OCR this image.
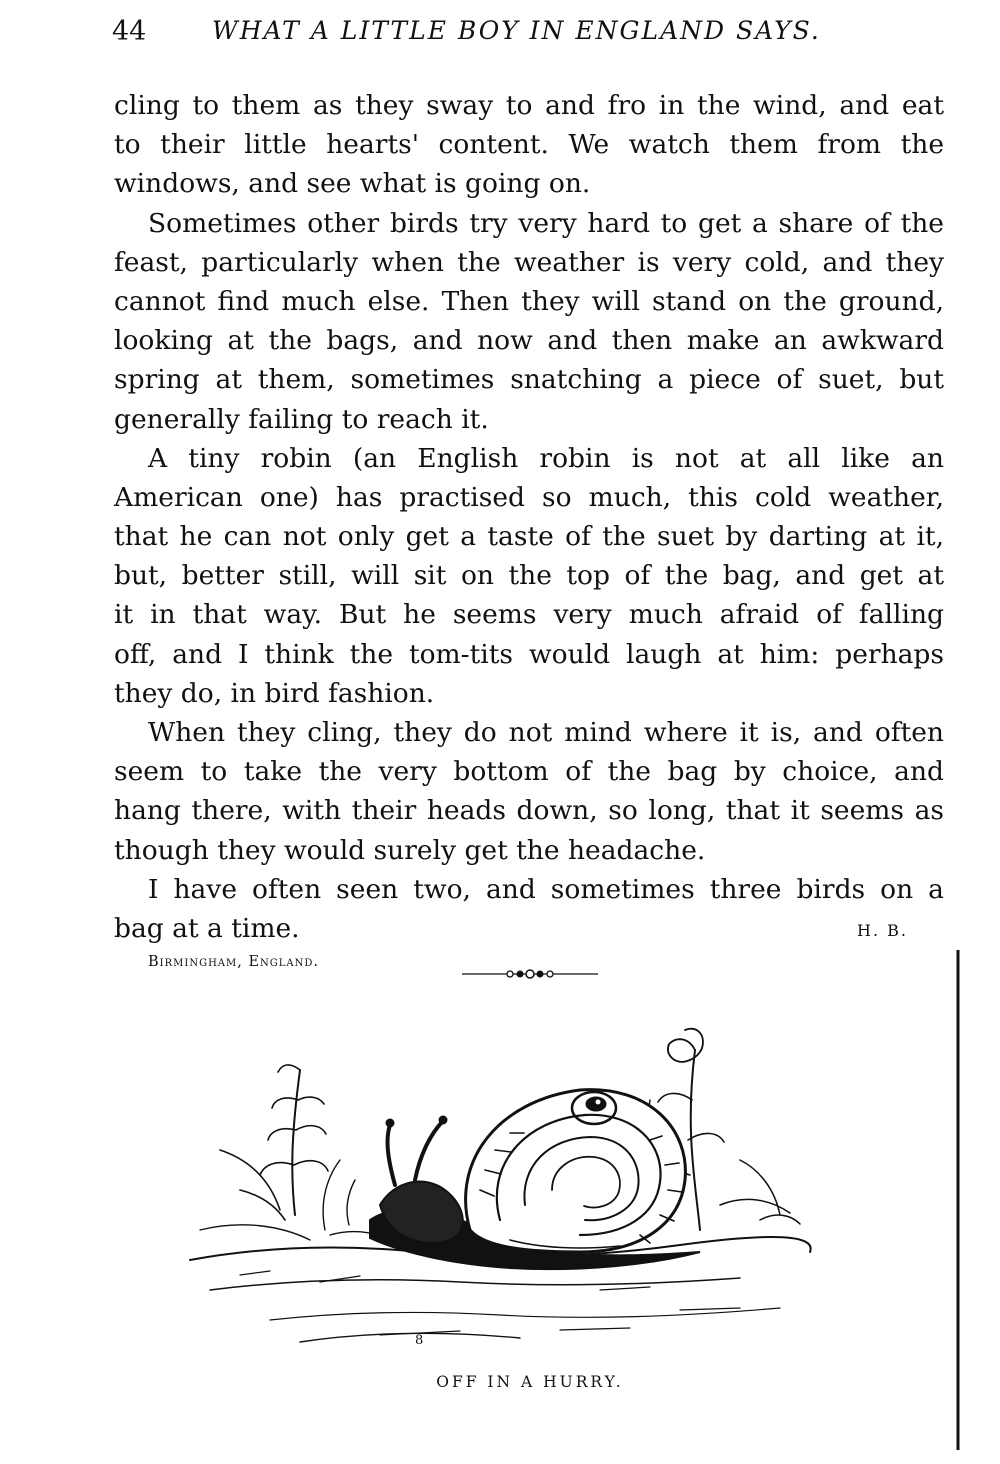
44	WHAT A LITTLE BOY IN ENGLAND SAYS.
cling to them as they sway to and fro in the wind, and eat
to their little hearts' content. We watch them from the
windows, and see what is going on.
Sometimes other birds try very hard to get a share of the
feast, particularly when the weather is very cold, and they
cannot find much else. Then they will stand on the ground,
looking at the bags, and now and then make an awkward
spring at them, sometimes snatching a piece of suet, but
generally failing to reach it.
A tiny robin (an English robin is not at all like an
American one) has practised so much, this cold weather,
that he can not only get a taste of the suet by darting at it,
but, better still, will sit on the top of the bag, and get at
it in that way. But he seems very much afraid of falling
off, and I think the tom-tits would laugh at him: perhaps
they do, in bird fashion.
When they cling, they do not mind where it is, and often
seem to take the very bottom of the bag by choice, and
hang there, with their heads down, so long, that it seems as
though they would surely get the headache.
I have often seen two, and sometimes three birds on a
bag at a time.	H. B.
Birmingham, England.
8
OFF IN A HURRY.
